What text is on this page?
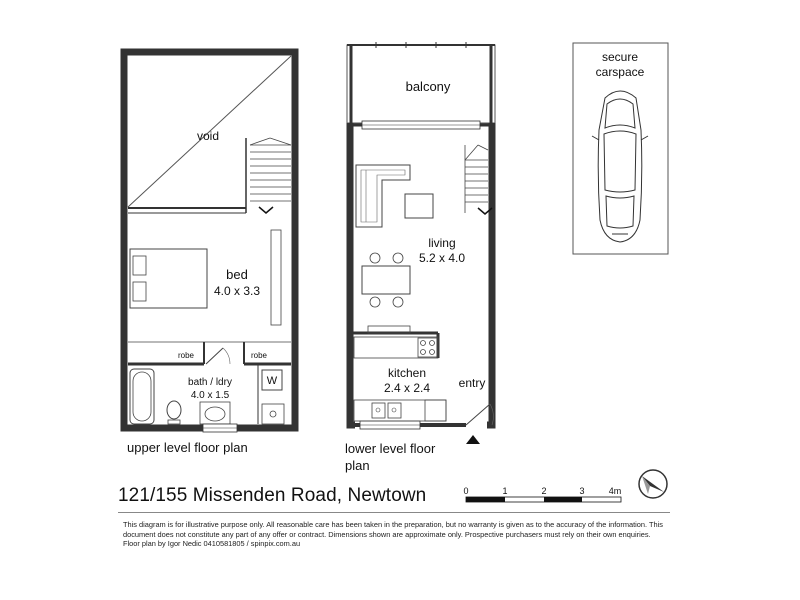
void
bed
4.0 x 3.3
robe	robe
bath / ldry
4.0 x 1.5
W
balcony
living
5.2 x 4.0
kitchen
2.4 x 2.4 entry
secure
carspace
0	1	2	3	4m
upper level floor plan	lower level floor plan
121/155 Missenden Road, Newtown
This diagram is for illustrative purpose only. All reasonable care has been taken in the preparation, but no warranty is given as to the accuracy of the information. This document does not constitute any part of any offer or contract. Dimensions shown are approximate only. Prospective purchasers must rely on their own enquiries. Floor plan by Igor Nedic 0410581805 / spinpix.com.au
